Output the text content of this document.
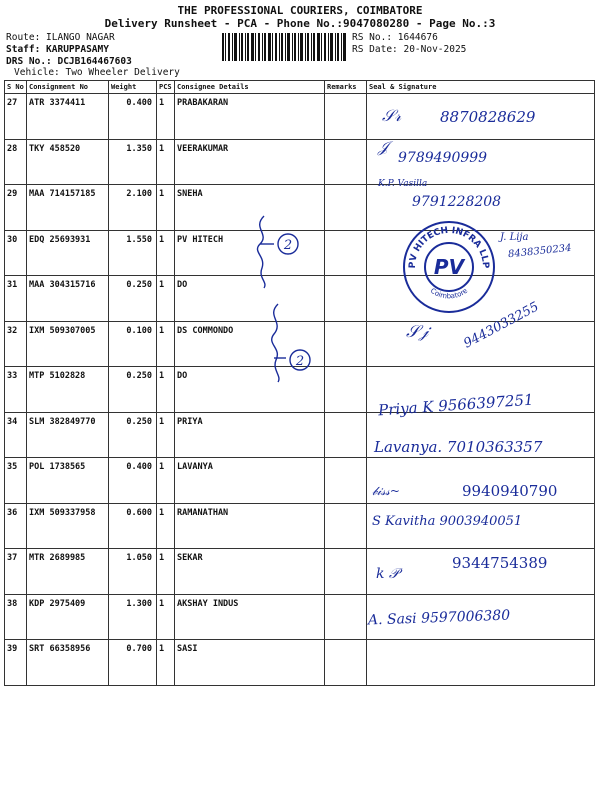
THE PROFESSIONAL COURIERS, COIMBATORE
Delivery Runsheet - PCA - Phone No.:9047080280 - Page No.:3
Route: ILANGO NAGAR
Staff: KARUPPASAMY
DRS No.: DCJB164467603
Vehicle: Two Wheeler Delivery
RS No.: 1644676
RS Date: 20-Nov-2025
S No	Consignment No	Weight	PCS	Consignee Details	Remarks	Seal & Signature
27	ATR 3374411	0.400	1	PRABAKARAN		
28	TKY 458520	1.350	1	VEERAKUMAR		
29	MAA 714157185	2.100	1	SNEHA		
30	EDQ 25693931	1.550	1	PV HITECH		
31	MAA 304315716	0.250	1	DO		
32	IXM 509307005	0.100	1	DS COMMONDO		
33	MTP 5102828	0.250	1	DO		
34	SLM 382849770	0.250	1	PRIYA		
35	POL 1738565	0.400	1	LAVANYA		
36	IXM 509337958	0.600	1	RAMANATHAN		
37	MTR 2689985	1.050	1	SEKAR		
38	KDP 2975409	1.300	1	AKSHAY INDUS		
39	SRT 66358956	0.700	1	SASI		
8870828629
𝒮𝓇
𝒥
9789490999
K.P. Vasilla
9791228208
J. Lija
8438350234
9443033255
𝒮𝒿
Priya K 9566397251
Lavanya. 7010363357
𝒷𝒾𝓈𝓈~	9940940790
S Kavitha 9003940051
k 𝒫
9344754389
A. Sasi 9597006380
2
2
PV HITECH INFRA LLP
Coimbatore
PV
